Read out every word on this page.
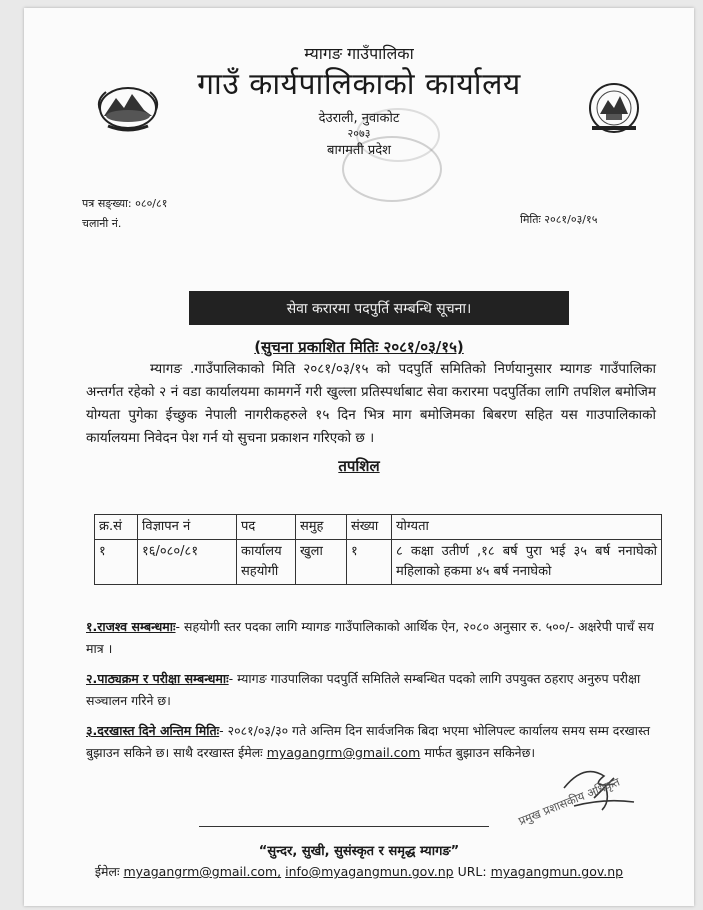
म्यागङ गाउँपालिका
गाउँ कार्यपालिकाको कार्यालय
देउराली, नुवाकोट
२०७३
बागमती प्रदेश
पत्र सङ्ख्या: ०८०/८१
चलानी नं.	मितिः २०८१/०३/१५
सेवा करारमा पदपुर्ति सम्बन्धि सूचना।
(सुचना प्रकाशित मितिः २०८१/०३/१५)
म्यागङ .गाउँपालिकाको मिति २०८१/०३/१५ को पदपुर्ति समितिको निर्णयानुसार म्यागङ गाउँपालिका अन्तर्गत रहेको २ नं वडा कार्यालयमा कामगर्ने गरी खुल्ला प्रतिस्पर्धाबाट सेवा करारमा पदपुर्तिका लागि तपशिल बमोजिम योग्यता पुगेका ईच्छुक नेपाली नागरीकहरुले १५ दिन भित्र माग बमोजिमका बिबरण सहित यस गाउपालिकाको कार्यालयमा निवेदन पेश गर्न यो सुचना प्रकाशन गरिएको छ ।
तपशिल
क्र.सं	विज्ञापन नं	पद	समुह	संख्या	योग्यता
१	१६/०८०/८१	कार्यालय सहयोगी	खुला	१	८ कक्षा उतीर्ण ,१८ बर्ष पुरा भई ३५ बर्ष ननाघेको महिलाको हकमा ४५ बर्ष ननाघेको
१.राजश्व सम्बन्धमाः- सहयोगी स्तर पदका लागि म्यागङ गाउँपालिकाको आर्थिक ऐन, २०८० अनुसार रु. ५००/- अक्षरेपी पाचँ सय मात्र ।
२.पाठ्यक्रम र परीक्षा सम्बन्धमाः- म्यागङ गाउपालिका पदपुर्ति समितिले सम्बन्धित पदको लागि उपयुक्त ठहराए अनुरुप परीक्षा सञ्चालन गरिने छ।
३.दरखास्त दिने अन्तिम मितिः- २०८१/०३/३० गते अन्तिम दिन सार्वजनिक बिदा भएमा भोलिपल्ट कार्यालय समय सम्म दरखास्त बुझाउन सकिने छ। साथै दरखास्त ईमेलः myagangrm@gmail.com मार्फत बुझाउन सकिनेछ।
प्रमुख प्रशासकीय अधिकृत
“सुन्दर, सुखी, सुसंस्कृत र समृद्ध म्यागङ”
ईमेलः myagangrm@gmail.com, info@myagangmun.gov.np URL: myagangmun.gov.np
